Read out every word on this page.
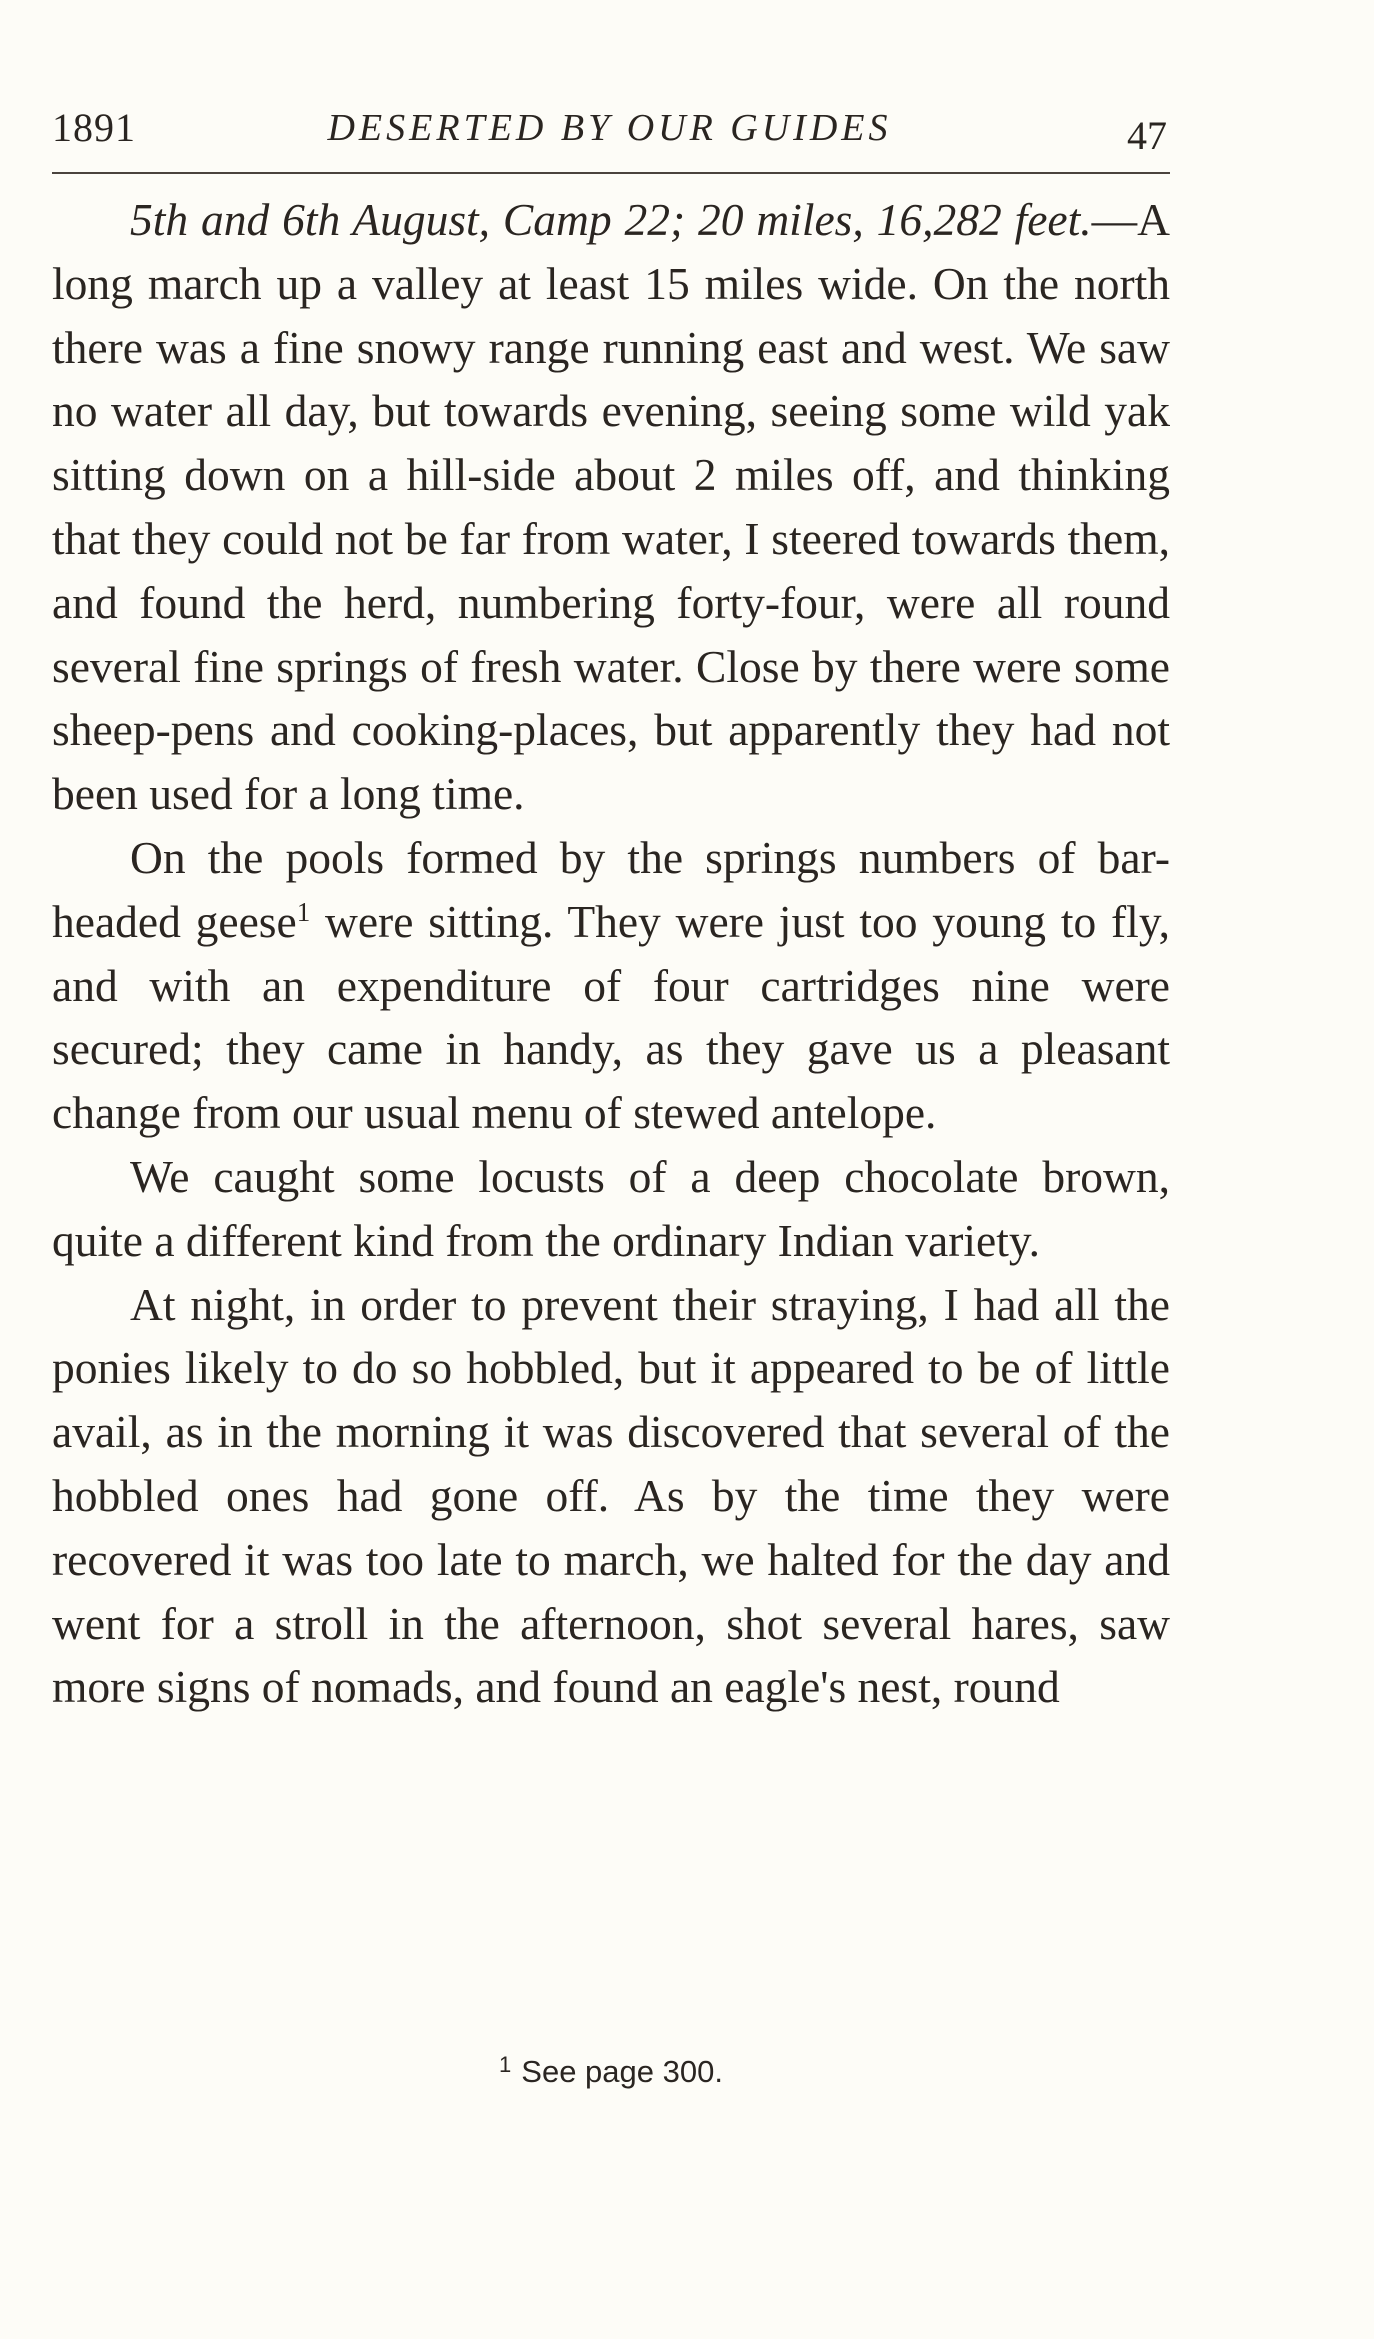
1891	DESERTED BY OUR GUIDES	47

5th and 6th August, Camp 22; 20 miles, 16,282 feet.—A long march up a valley at least 15 miles wide. On the north there was a fine snowy range running east and west. We saw no water all day, but towards evening, seeing some wild yak sitting down on a hill-side about 2 miles off, and thinking that they could not be far from water, I steered towards them, and found the herd, numbering forty-four, were all round several fine springs of fresh water. Close by there were some sheep-pens and cooking-places, but apparently they had not been used for a long time.

On the pools formed by the springs numbers of bar-headed geese$^1$ were sitting. They were just too young to fly, and with an expenditure of four cartridges nine were secured; they came in handy, as they gave us a pleasant change from our usual menu of stewed antelope.

We caught some locusts of a deep chocolate brown, quite a different kind from the ordinary Indian variety.

At night, in order to prevent their straying, I had all the ponies likely to do so hobbled, but it appeared to be of little avail, as in the morning it was discovered that several of the hobbled ones had gone off. As by the time they were recovered it was too late to march, we halted for the day and went for a stroll in the afternoon, shot several hares, saw more signs of nomads, and found an eagle's nest, round

$^1$ See page 300.
